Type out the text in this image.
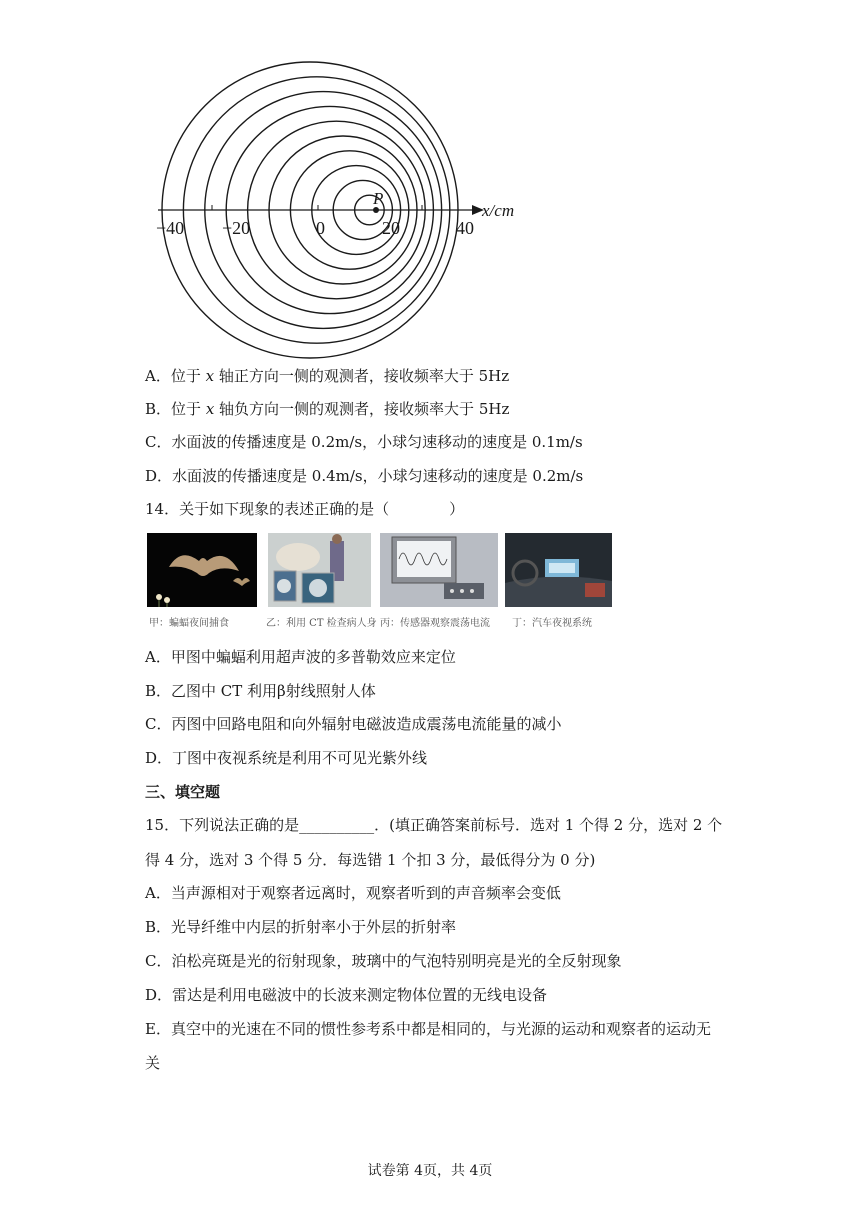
P
−40 −20	0	20	40
x/cm
A．位于 x 轴正方向一侧的观测者，接收频率大于 5Hz
B．位于 x 轴负方向一侧的观测者，接收频率大于 5Hz
C．水面波的传播速度是 0.2m/s，小球匀速移动的速度是 0.1m/s
D．水面波的传播速度是 0.4m/s，小球匀速移动的速度是 0.2m/s
14．关于如下现象的表述正确的是（　　　　）
甲：蝙蝠夜间捕食	乙：利用 CT 检查病人身 丙：传感器观察震荡电流 丁：汽车夜视系统
A．甲图中蝙蝠利用超声波的多普勒效应来定位
B．乙图中 CT 利用β射线照射人体
C．丙图中回路电阻和向外辐射电磁波造成震荡电流能量的减小
D．丁图中夜视系统是利用不可见光紫外线
三、填空题
15．下列说法正确的是__________．(填正确答案前标号．选对 1 个得 2 分，选对 2 个
得 4 分，选对 3 个得 5 分．每选错 1 个扣 3 分，最低得分为 0 分)
A．当声源相对于观察者远离时，观察者听到的声音频率会变低
B．光导纤维中内层的折射率小于外层的折射率
C．泊松亮斑是光的衍射现象，玻璃中的气泡特别明亮是光的全反射现象
D．雷达是利用电磁波中的长波来测定物体位置的无线电设备
E．真空中的光速在不同的惯性参考系中都是相同的，与光源的运动和观察者的运动无
关
试卷第 4页，共 4页
